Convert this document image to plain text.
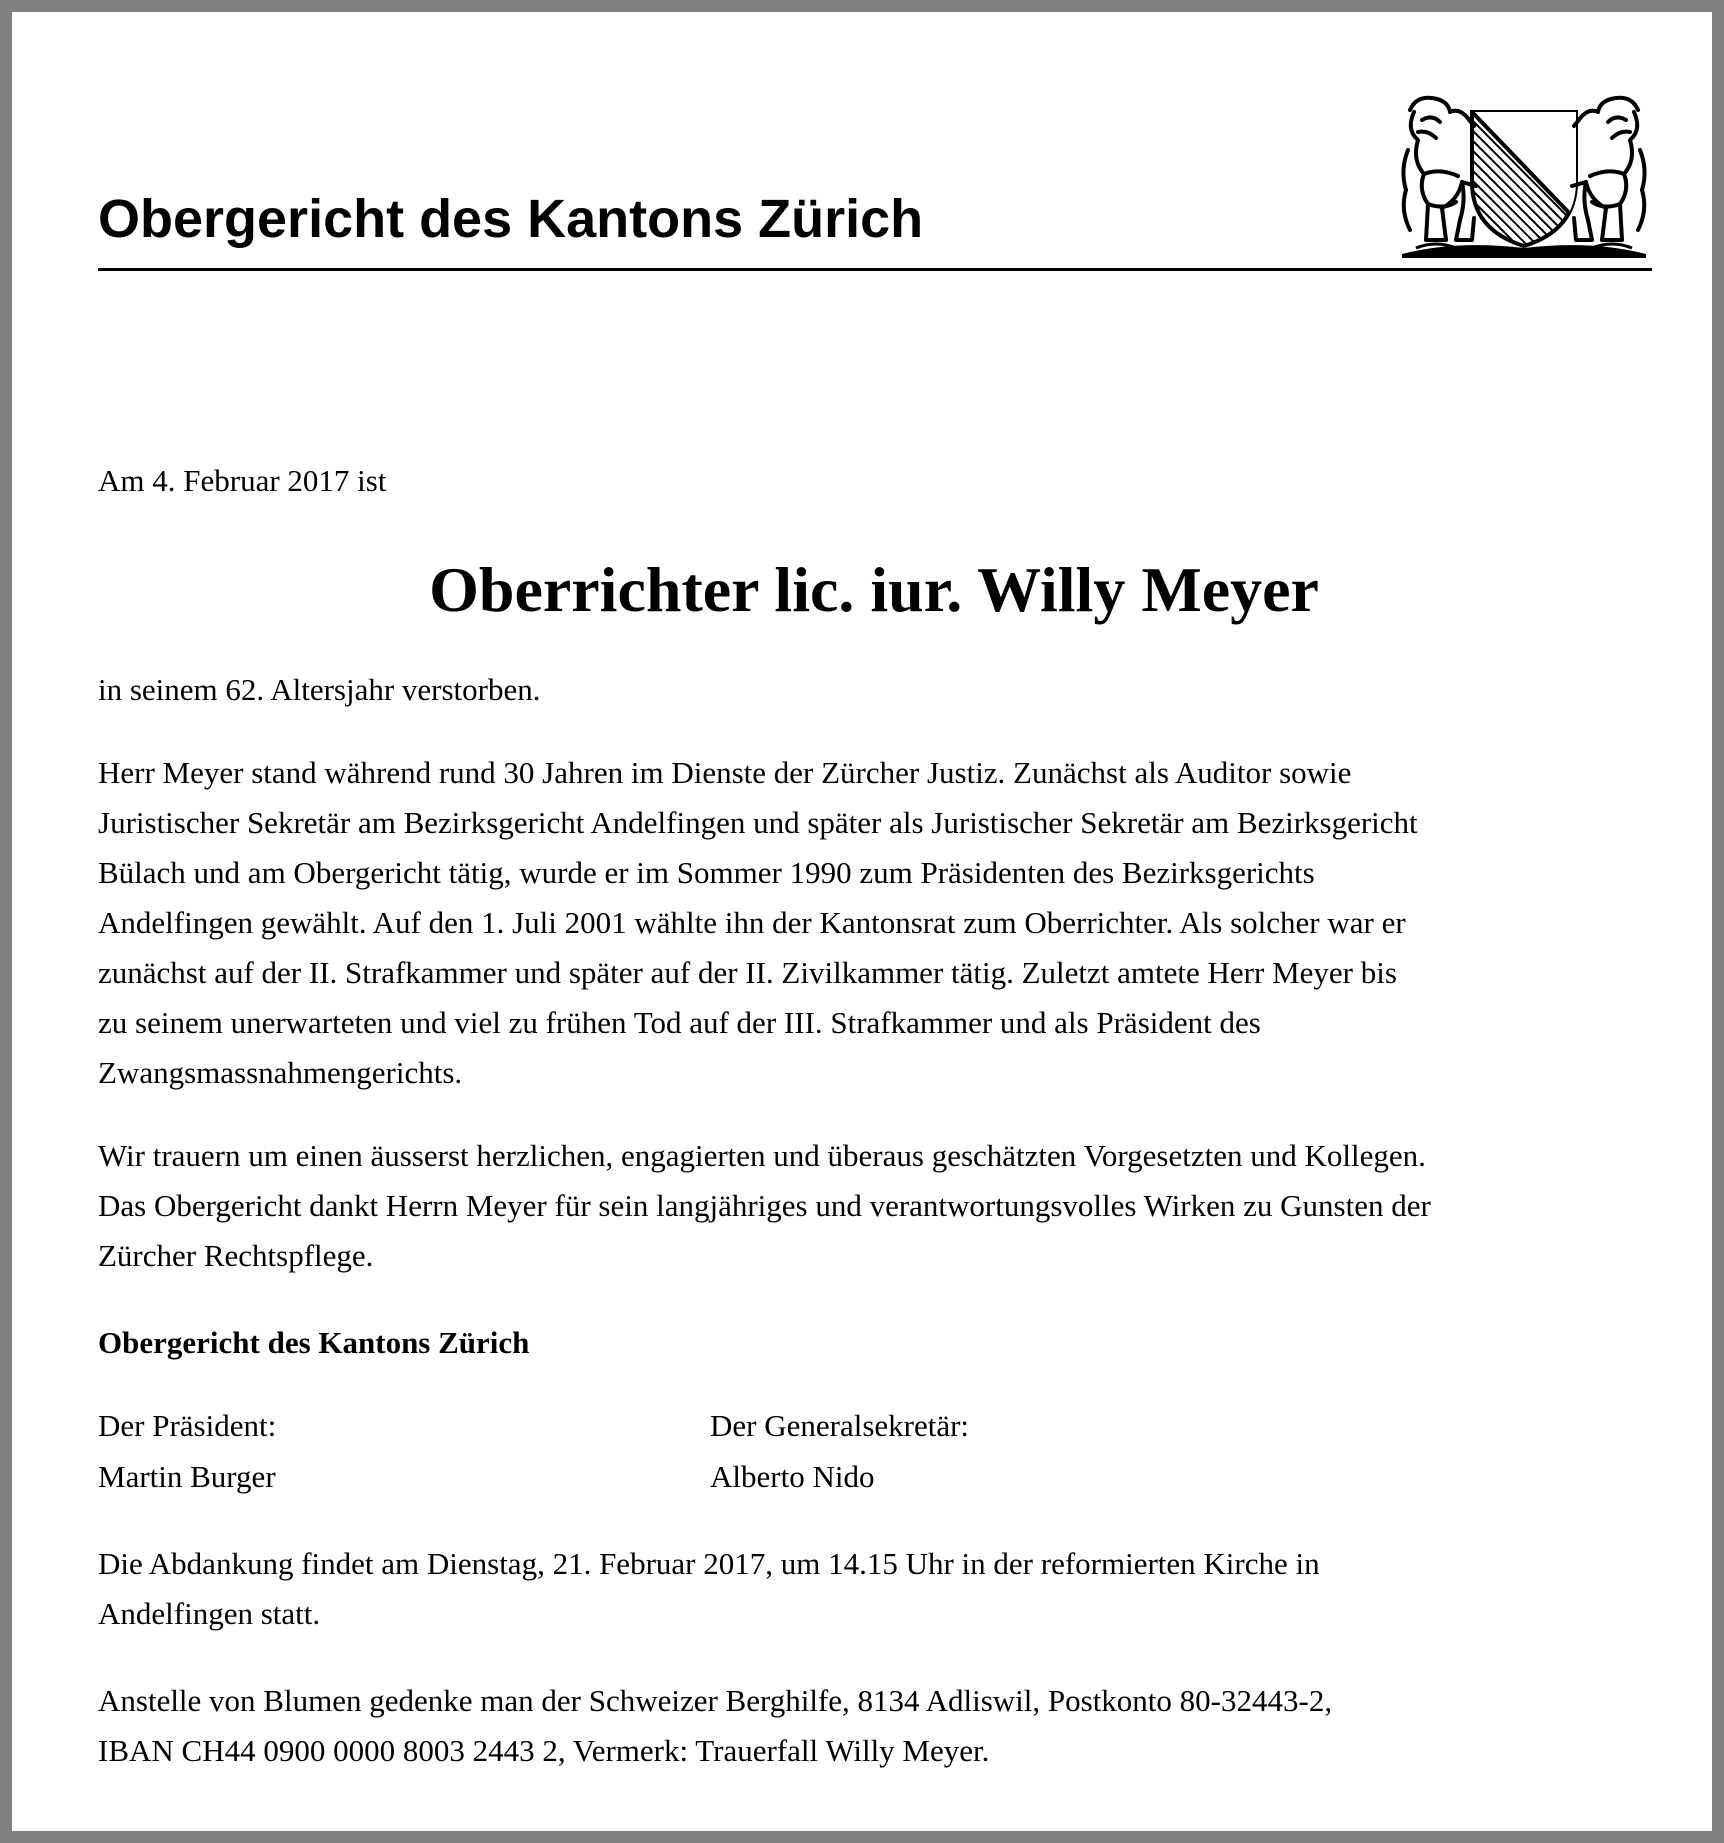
Obergericht des Kantons Zürich
Am 4. Februar 2017 ist
Oberrichter lic. iur. Willy Meyer
in seinem 62. Altersjahr verstorben.
Herr Meyer stand während rund 30 Jahren im Dienste der Zürcher Justiz. Zunächst als Auditor sowie
Juristischer Sekretär am Bezirksgericht Andelfingen und später als Juristischer Sekretär am Bezirksgericht
Bülach und am Obergericht tätig, wurde er im Sommer 1990 zum Präsidenten des Bezirksgerichts
Andelfingen gewählt. Auf den 1. Juli 2001 wählte ihn der Kantonsrat zum Oberrichter. Als solcher war er
zunächst auf der II. Strafkammer und später auf der II. Zivilkammer tätig. Zuletzt amtete Herr Meyer bis
zu seinem unerwarteten und viel zu frühen Tod auf der III. Strafkammer und als Präsident des
Zwangsmassnahmengerichts.
Wir trauern um einen äusserst herzlichen, engagierten und überaus geschätzten Vorgesetzten und Kollegen.
Das Obergericht dankt Herrn Meyer für sein langjähriges und verantwortungsvolles Wirken zu Gunsten der
Zürcher Rechtspflege.
Obergericht des Kantons Zürich
Der Präsident:
Martin Burger
Der Generalsekretär:
Alberto Nido
Die Abdankung findet am Dienstag, 21. Februar 2017, um 14.15 Uhr in der reformierten Kirche in
Andelfingen statt.
Anstelle von Blumen gedenke man der Schweizer Berghilfe, 8134 Adliswil, Postkonto 80-32443-2,
IBAN CH44 0900 0000 8003 2443 2, Vermerk: Trauerfall Willy Meyer.
